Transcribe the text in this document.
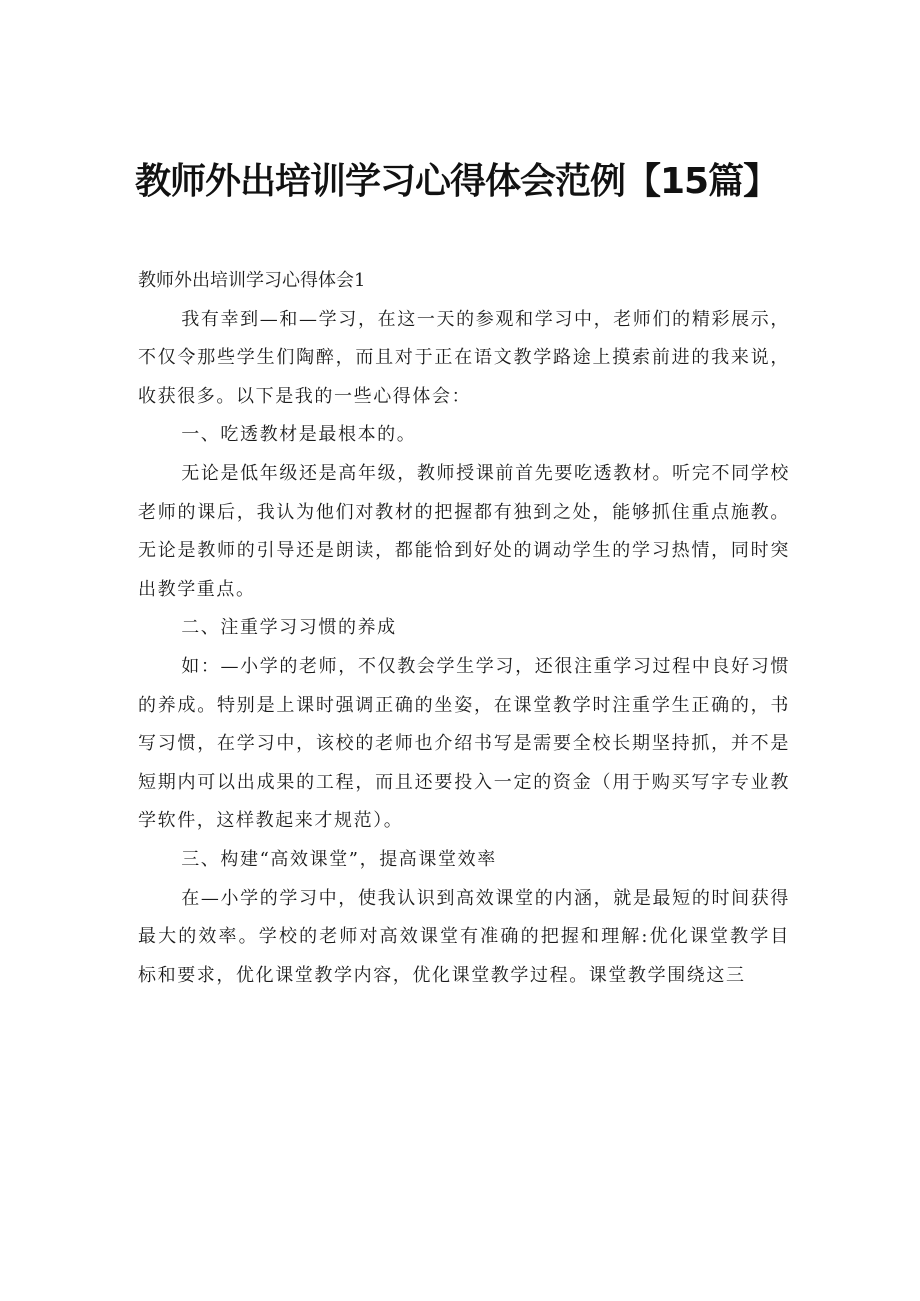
教师外出培训学习心得体会范例【15篇】
教师外出培训学习心得体会1

我有幸到—和—学习，在这一天的参观和学习中，老师们的精彩展示，不仅令那些学生们陶醉，而且对于正在语文教学路途上摸索前进的我来说，收获很多。以下是我的一些心得体会：

一、吃透教材是最根本的。

无论是低年级还是高年级，教师授课前首先要吃透教材。听完不同学校老师的课后，我认为他们对教材的把握都有独到之处，能够抓住重点施教。无论是教师的引导还是朗读，都能恰到好处的调动学生的学习热情，同时突出教学重点。

二、注重学习习惯的养成

如：—小学的老师，不仅教会学生学习，还很注重学习过程中良好习惯的养成。特别是上课时强调正确的坐姿，在课堂教学时注重学生正确的，书写习惯，在学习中，该校的老师也介绍书写是需要全校长期坚持抓，并不是短期内可以出成果的工程，而且还要投入一定的资金（用于购买写字专业教学软件，这样教起来才规范）。

三、构建“高效课堂”，提高课堂效率

在—小学的学习中，使我认识到高效课堂的内涵，就是最短的时间获得最大的效率。学校的老师对高效课堂有准确的把握和理解:优化课堂教学目标和要求，优化课堂教学内容，优化课堂教学过程。课堂教学围绕这三
